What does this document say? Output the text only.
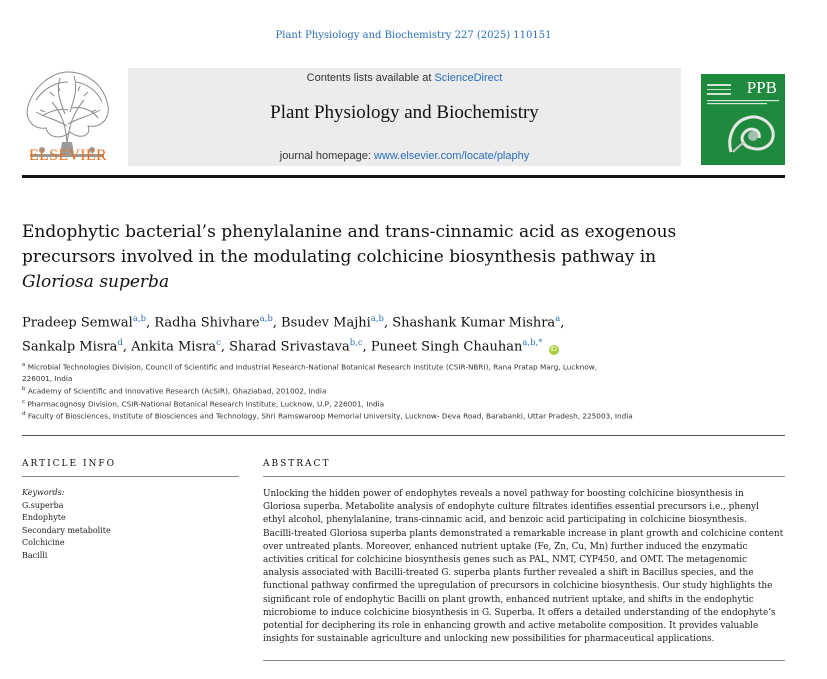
Plant Physiology and Biochemistry 227 (2025) 110151
ELSEVIER
Contents lists available at ScienceDirect
Plant Physiology and Biochemistry
journal homepage: www.elsevier.com/locate/plaphy
PPB
Endophytic bacterial’s phenylalanine and trans-cinnamic acid as exogenous
precursors involved in the modulating colchicine biosynthesis pathway in
Gloriosa superba
Pradeep Semwal$^{a,b}$, Radha Shivhare$^{a,b}$, Bsudev Majhi$^{a,b}$, Shashank Kumar Mishra$^a$,
Sankalp Misra$^d$, Ankita Misra$^c$, Sharad Srivastava$^{b,c}$, Puneet Singh Chauhan$^{a,b,*}$ iD
$^a$ Microbial Technologies Division, Council of Scientific and Industrial Research-National Botanical Research Institute (CSIR-NBRI), Rana Pratap Marg, Lucknow,
226001, India
$^b$ Academy of Scientific and Innovative Research (AcSIR), Ghaziabad, 201002, India
$^c$ Pharmacognosy Division, CSIR-National Botanical Research Institute, Lucknow, U.P, 226001, India
$^d$ Faculty of Biosciences, Institute of Biosciences and Technology, Shri Ramswaroop Memorial University, Lucknow- Deva Road, Barabanki, Uttar Pradesh, 225003, India
ARTICLE INFO	ABSTRACT
Keywords:
G.superba
Endophyte
Secondary metabolite
Colchicine
Bacilli
Unlocking the hidden power of endophytes reveals a novel pathway for boosting colchicine biosynthesis in
Gloriosa superba. Metabolite analysis of endophyte culture filtrates identifies essential precursors i.e., phenyl
ethyl alcohol, phenylalanine, trans-cinnamic acid, and benzoic acid participating in colchicine biosynthesis.
Bacilli-treated Gloriosa superba plants demonstrated a remarkable increase in plant growth and colchicine content
over untreated plants. Moreover, enhanced nutrient uptake (Fe, Zn, Cu, Mn) further induced the enzymatic
activities critical for colchicine biosynthesis genes such as PAL, NMT, CYP450, and OMT. The metagenomic
analysis associated with Bacilli-treated G. superba plants further revealed a shift in Bacillus species, and the
functional pathway confirmed the upregulation of precursors in colchicine biosynthesis. Our study highlights the
significant role of endophytic Bacilli on plant growth, enhanced nutrient uptake, and shifts in the endophytic
microbiome to induce colchicine biosynthesis in G. Superba. It offers a detailed understanding of the endophyte’s
potential for deciphering its role in enhancing growth and active metabolite composition. It provides valuable
insights for sustainable agriculture and unlocking new possibilities for pharmaceutical applications.
